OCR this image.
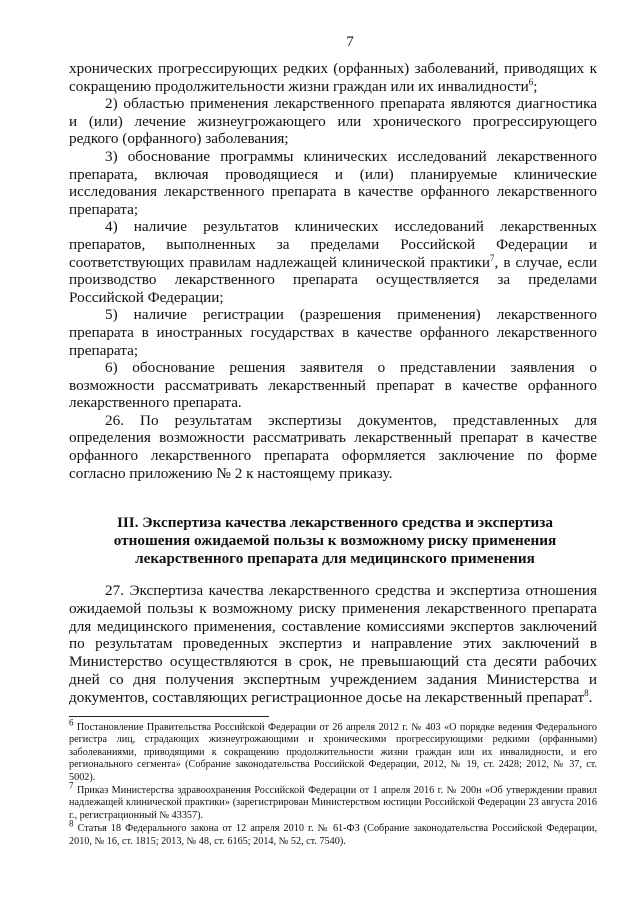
7

хронических прогрессирующих редких (орфанных) заболеваний, приводящих к сокращению продолжительности жизни граждан или их инвалидности$^6$;

2) областью применения лекарственного препарата являются диагностика и (или) лечение жизнеугрожающего или хронического прогрессирующего редкого (орфанного) заболевания;

3) обоснование программы клинических исследований лекарственного препарата, включая проводящиеся и (или) планируемые клинические исследования лекарственного препарата в качестве орфанного лекарственного препарата;

4) наличие результатов клинических исследований лекарственных препаратов, выполненных за пределами Российской Федерации и соответствующих правилам надлежащей клинической практики$^7$, в случае, если производство лекарственного препарата осуществляется за пределами Российской Федерации;

5) наличие регистрации (разрешения применения) лекарственного препарата в иностранных государствах в качестве орфанного лекарственного препарата;

6) обоснование решения заявителя о представлении заявления о возможности рассматривать лекарственный препарат в качестве орфанного лекарственного препарата.

26. По результатам экспертизы документов, представленных для определения возможности рассматривать лекарственный препарат в качестве орфанного лекарственного препарата оформляется заключение по форме согласно приложению № 2 к настоящему приказу.

III. Экспертиза качества лекарственного средства и экспертиза отношения ожидаемой пользы к возможному риску применения лекарственного препарата для медицинского применения

27. Экспертиза качества лекарственного средства и экспертиза отношения ожидаемой пользы к возможному риску применения лекарственного препарата для медицинского применения, составление комиссиями экспертов заключений по результатам проведенных экспертиз и направление этих заключений в Министерство осуществляются в срок, не превышающий ста десяти рабочих дней со дня получения экспертным учреждением задания Министерства и документов, составляющих регистрационное досье на лекарственный препарат$^8$.

$^6$ Постановление Правительства Российской Федерации от 26 апреля 2012 г. № 403 «О порядке ведения Федерального регистра лиц, страдающих жизнеугрожающими и хроническими прогрессирующими редкими (орфанными) заболеваниями, приводящими к сокращению продолжительности жизни граждан или их инвалидности, и его регионального сегмента» (Собрание законодательства Российской Федерации, 2012, № 19, ст. 2428; 2012, № 37, ст. 5002).

$^7$ Приказ Министерства здравоохранения Российской Федерации от 1 апреля 2016 г. № 200н «Об утверждении правил надлежащей клинической практики» (зарегистрирован Министерством юстиции Российской Федерации 23 августа 2016 г., регистрационный № 43357).

$^8$ Статья 18 Федерального закона от 12 апреля 2010 г. № 61-ФЗ (Собрание законодательства Российской Федерации, 2010, № 16, ст. 1815; 2013, № 48, ст. 6165; 2014, № 52, ст. 7540).
